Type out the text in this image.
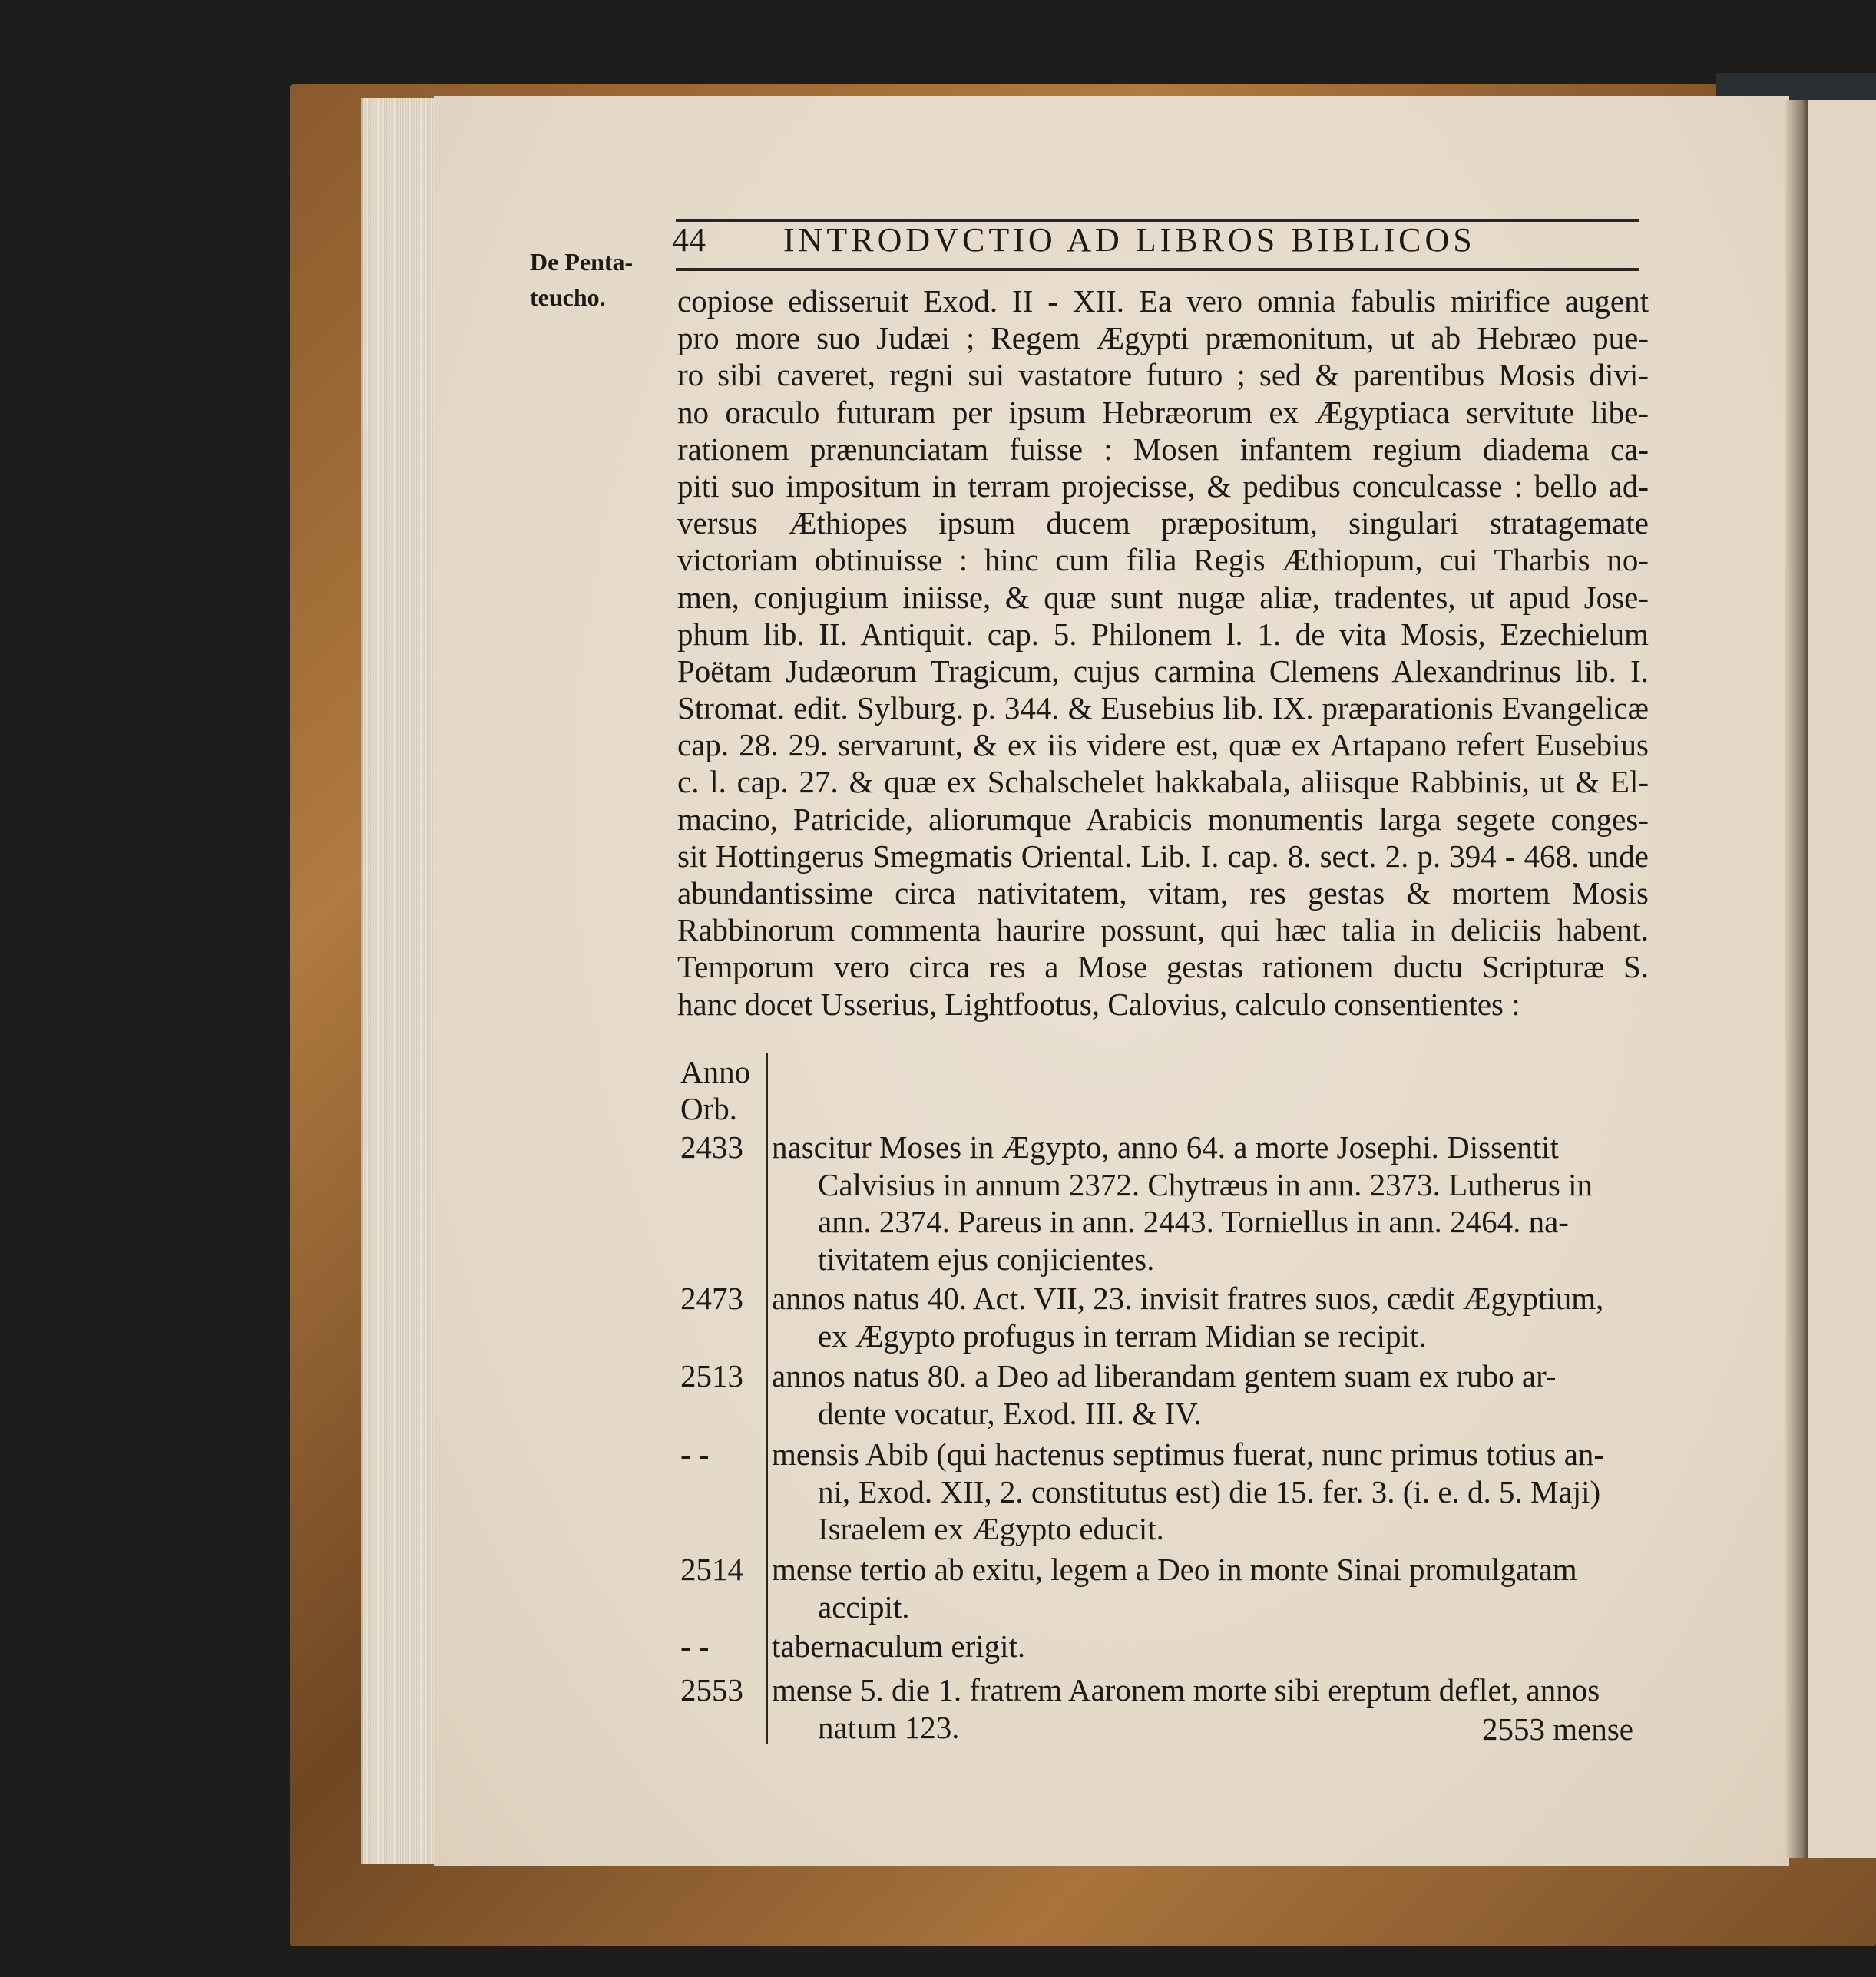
44 INTRODVCTIO AD LIBROS BIBLICOS
De Penta-
teucho.	copiose edisseruit Exod. II - XII. Ea vero omnia fabulis mirifice augent
pro more suo Judæi ; Regem Ægypti præmonitum, ut ab Hebræo pue-
ro sibi caveret, regni sui vastatore futuro ; sed & parentibus Mosis divi-
no oraculo futuram per ipsum Hebræorum ex Ægyptiaca servitute libe-
rationem prænunciatam fuisse : Mosen infantem regium diadema ca-
piti suo impositum in terram projecisse, & pedibus conculcasse : bello ad-
versus Æthiopes ipsum ducem præpositum, singulari stratagemate
victoriam obtinuisse : hinc cum filia Regis Æthiopum, cui Tharbis no-
men, conjugium iniisse, & quæ sunt nugæ aliæ, tradentes, ut apud Jose-
phum lib. II. Antiquit. cap. 5. Philonem l. 1. de vita Mosis, Ezechielum
Poëtam Judæorum Tragicum, cujus carmina Clemens Alexandrinus lib. I.
Stromat. edit. Sylburg. p. 344. & Eusebius lib. IX. præparationis Evangelicæ
cap. 28. 29. servarunt, & ex iis videre est, quæ ex Artapano refert Eusebius
c. l. cap. 27. & quæ ex Schalschelet hakkabala, aliisque Rabbinis, ut & El-
macino, Patricide, aliorumque Arabicis monumentis larga segete conges-
sit Hottingerus Smegmatis Oriental. Lib. I. cap. 8. sect. 2. p. 394 - 468. unde
abundantissime circa nativitatem, vitam, res gestas & mortem Mosis
Rabbinorum commenta haurire possunt, qui hæc talia in deliciis habent.
Temporum vero circa res a Mose gestas rationem ductu Scripturæ S.
hanc docet Usserius, Lightfootus, Calovius, calculo consentientes :
Anno
Orb.
2433 nascitur Moses in Ægypto, anno 64. a morte Josephi. Dissentit
Calvisius in annum 2372. Chytræus in ann. 2373. Lutherus in
ann. 2374. Pareus in ann. 2443. Torniellus in ann. 2464. na-
tivitatem ejus conjicientes.
2473 annos natus 40. Act. VII, 23. invisit fratres suos, cædit Ægyptium,
ex Ægypto profugus in terram Midian se recipit.
2513 annos natus 80. a Deo ad liberandam gentem suam ex rubo ar-
dente vocatur, Exod. III. & IV.
- -	mensis Abib (qui hactenus septimus fuerat, nunc primus totius an-
ni, Exod. XII, 2. constitutus est) die 15. fer. 3. (i. e. d. 5. Maji)
Israelem ex Ægypto educit.
2514 mense tertio ab exitu, legem a Deo in monte Sinai promulgatam
accipit.
- -	tabernaculum erigit.
2553 mense 5. die 1. fratrem Aaronem morte sibi ereptum deflet, annos
natum 123.	2553 mense
